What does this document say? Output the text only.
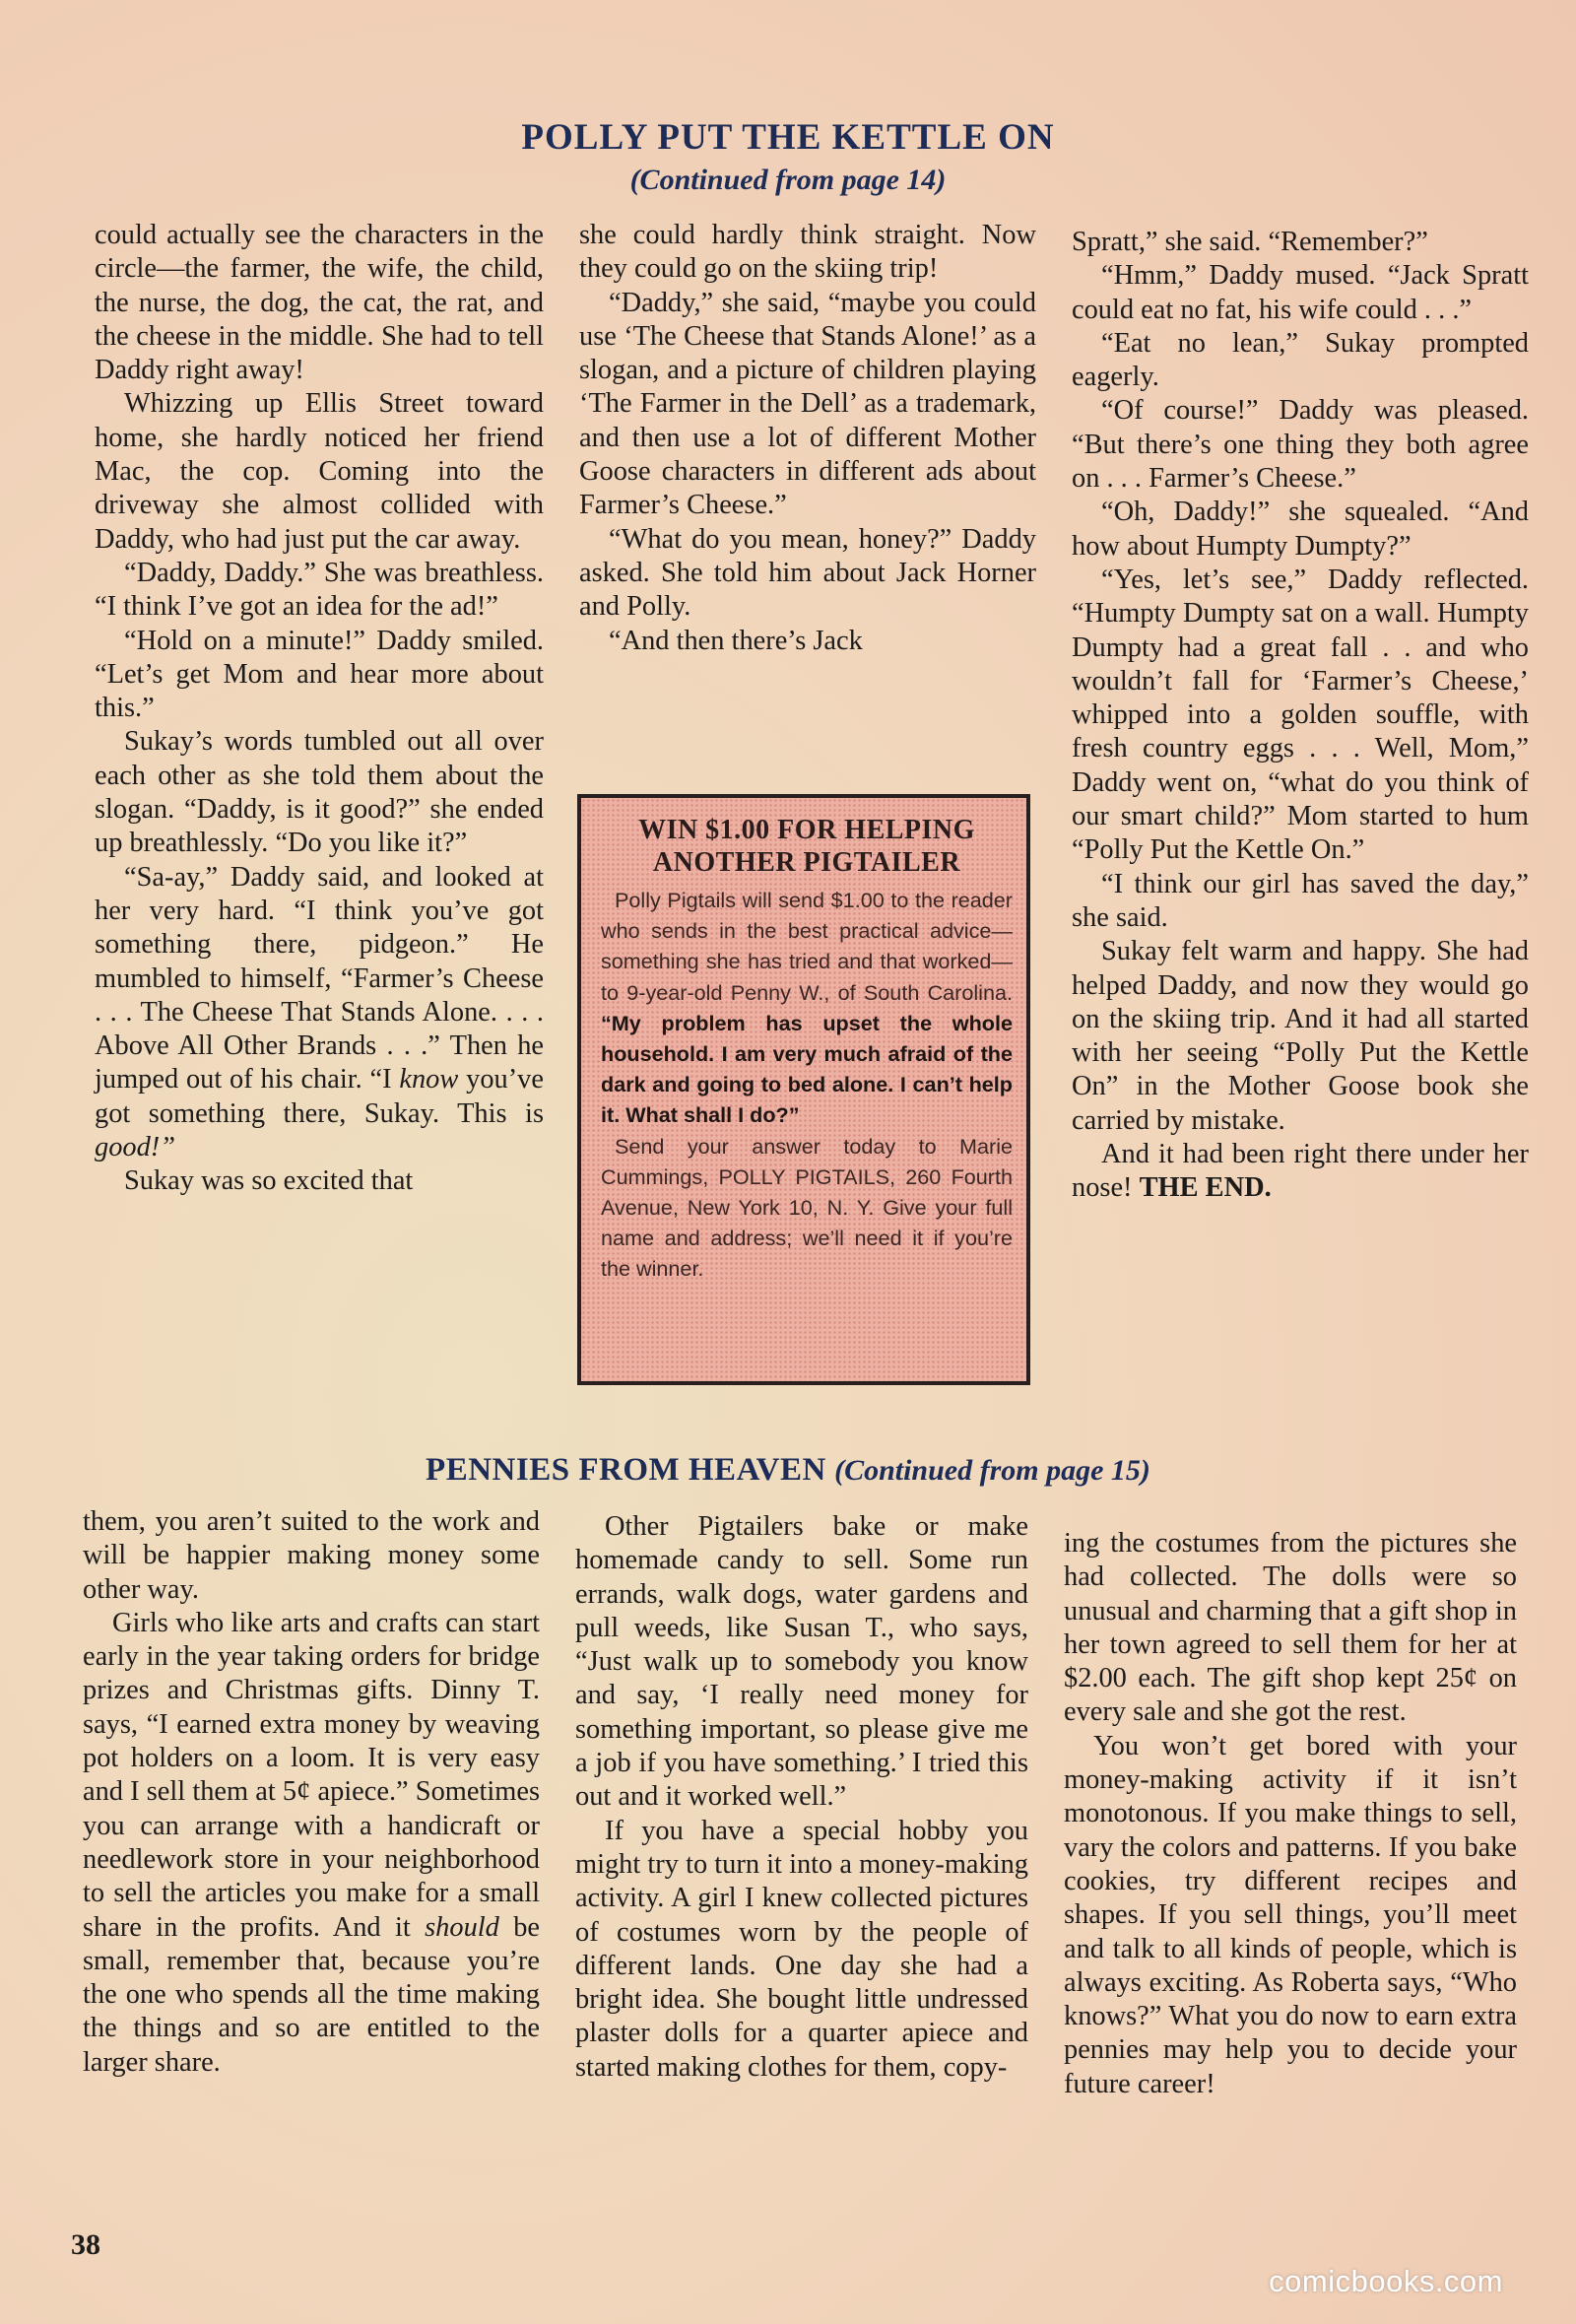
POLLY PUT THE KETTLE ON
(Continued from page 14)

could actually see the characters in the circle—the farmer, the wife, the child, the nurse, the dog, the cat, the rat, and the cheese in the middle. She had to tell Daddy right away!

Whizzing up Ellis Street toward home, she hardly noticed her friend Mac, the cop. Coming into the driveway she almost collided with Daddy, who had just put the car away.

“Daddy, Daddy.” She was breathless. “I think I’ve got an idea for the ad!”

“Hold on a minute!” Daddy smiled. “Let’s get Mom and hear more about this.”

Sukay’s words tumbled out all over each other as she told them about the slogan. “Daddy, is it good?” she ended up breathlessly. “Do you like it?”

“Sa-ay,” Daddy said, and looked at her very hard. “I think you’ve got something there, pidgeon.” He mumbled to himself, “Farmer’s Cheese . . . The Cheese That Stands Alone. . . . Above All Other Brands . . .” Then he jumped out of his chair. “I know you’ve got something there, Sukay. This is good!”

Sukay was so excited that

she could hardly think straight. Now they could go on the skiing trip!

“Daddy,” she said, “maybe you could use ‘The Cheese that Stands Alone!’ as a slogan, and a picture of children playing ‘The Farmer in the Dell’ as a trademark, and then use a lot of different Mother Goose characters in different ads about Farmer’s Cheese.”

“What do you mean, honey?” Daddy asked. She told him about Jack Horner and Polly.

“And then there’s Jack

WIN $1.00 FOR HELPING
ANOTHER PIGTAILER

Polly Pigtails will send $1.00 to the reader who sends in the best practical advice—something she has tried and that worked—to 9-year-old Penny W., of South Carolina. “My problem has upset the whole household. I am very much afraid of the dark and going to bed alone. I can’t help it. What shall I do?”

Send your answer today to Marie Cummings, POLLY PIGTAILS, 260 Fourth Avenue, New York 10, N. Y. Give your full name and address; we’ll need it if you’re the winner.

Spratt,” she said. “Remember?”

“Hmm,” Daddy mused. “Jack Spratt could eat no fat, his wife could . . .”

“Eat no lean,” Sukay prompted eagerly.

“Of course!” Daddy was pleased. “But there’s one thing they both agree on . . . Farmer’s Cheese.”

“Oh, Daddy!” she squealed. “And how about Humpty Dumpty?”

“Yes, let’s see,” Daddy reflected. “Humpty Dumpty sat on a wall. Humpty Dumpty had a great fall . . and who wouldn’t fall for ‘Farmer’s Cheese,’ whipped into a golden souffle, with fresh country eggs . . . Well, Mom,” Daddy went on, “what do you think of our smart child?” Mom started to hum “Polly Put the Kettle On.”

“I think our girl has saved the day,” she said.

Sukay felt warm and happy. She had helped Daddy, and now they would go on the skiing trip. And it had all started with her seeing “Polly Put the Kettle On” in the Mother Goose book she carried by mistake.

And it had been right there under her nose! THE END.

PENNIES FROM HEAVEN (Continued from page 15)

them, you aren’t suited to the work and will be happier making money some other way.

Girls who like arts and crafts can start early in the year taking orders for bridge prizes and Christmas gifts. Dinny T. says, “I earned extra money by weaving pot holders on a loom. It is very easy and I sell them at 5¢ apiece.” Sometimes you can arrange with a handicraft or needlework store in your neighborhood to sell the articles you make for a small share in the profits. And it should be small, remember that, because you’re the one who spends all the time making the things and so are entitled to the larger share.

Other Pigtailers bake or make homemade candy to sell. Some run errands, walk dogs, water gardens and pull weeds, like Susan T., who says, “Just walk up to somebody you know and say, ‘I really need money for something important, so please give me a job if you have something.’ I tried this out and it worked well.”

If you have a special hobby you might try to turn it into a money-making activity. A girl I knew collected pictures of costumes worn by the people of different lands. One day she had a bright idea. She bought little undressed plaster dolls for a quarter apiece and started making clothes for them, copy-

ing the costumes from the pictures she had collected. The dolls were so unusual and charming that a gift shop in her town agreed to sell them for her at $2.00 each. The gift shop kept 25¢ on every sale and she got the rest.

You won’t get bored with your money-making activity if it isn’t monotonous. If you make things to sell, vary the colors and patterns. If you bake cookies, try different recipes and shapes. If you sell things, you’ll meet and talk to all kinds of people, which is always exciting. As Roberta says, “Who knows?” What you do now to earn extra pennies may help you to decide your future career!

38
comicbooks.com
